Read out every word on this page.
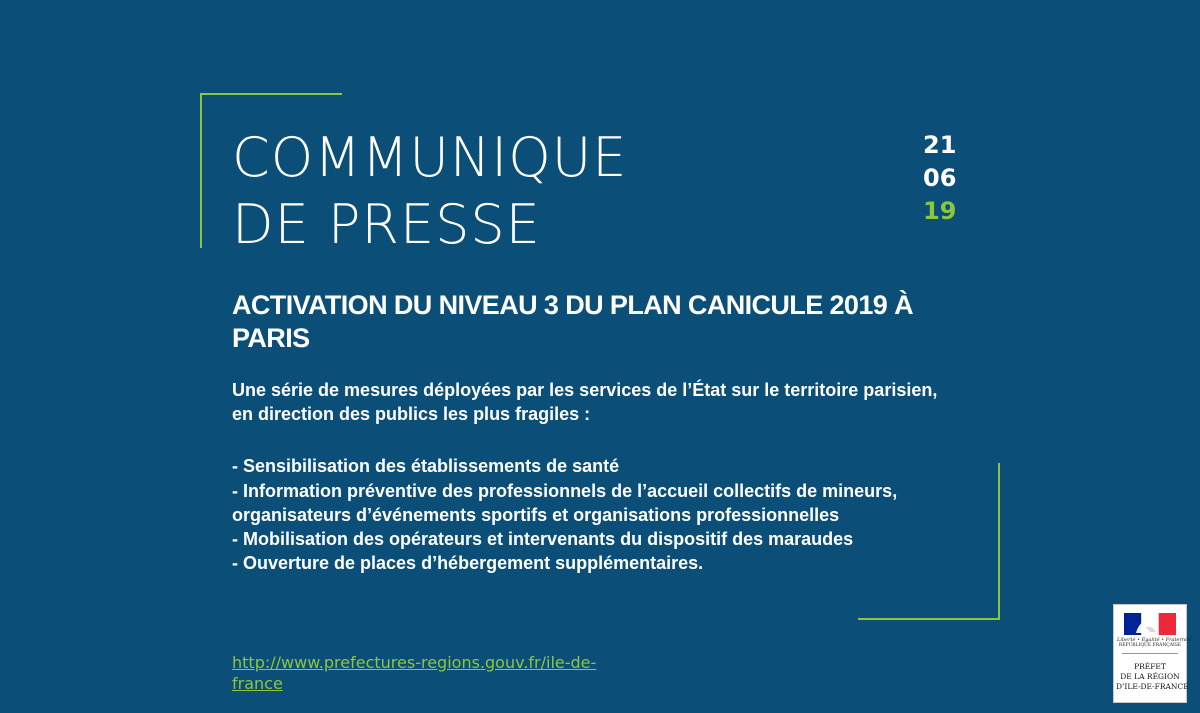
COMMUNIQUE
DE PRESSE
21
06
19
ACTIVATION DU NIVEAU 3 DU PLAN CANICULE 2019 À PARIS

Une série de mesures déployées par les services de l’État sur le territoire parisien, en direction des publics les plus fragiles :

- Sensibilisation des établissements de santé
- Information préventive des professionnels de l’accueil collectifs de mineurs, organisateurs d’événements sportifs et organisations professionnelles
- Mobilisation des opérateurs et intervenants du dispositif des maraudes
- Ouverture de places d’hébergement supplémentaires.
http://www.prefectures-regions.gouv.fr/ile-de-france
Liberté • Égalité • Fraternité
RÉPUBLIQUE FRANÇAISE
PRÉFET
DE LA RÉGION
D’ILE-DE-FRANCE
